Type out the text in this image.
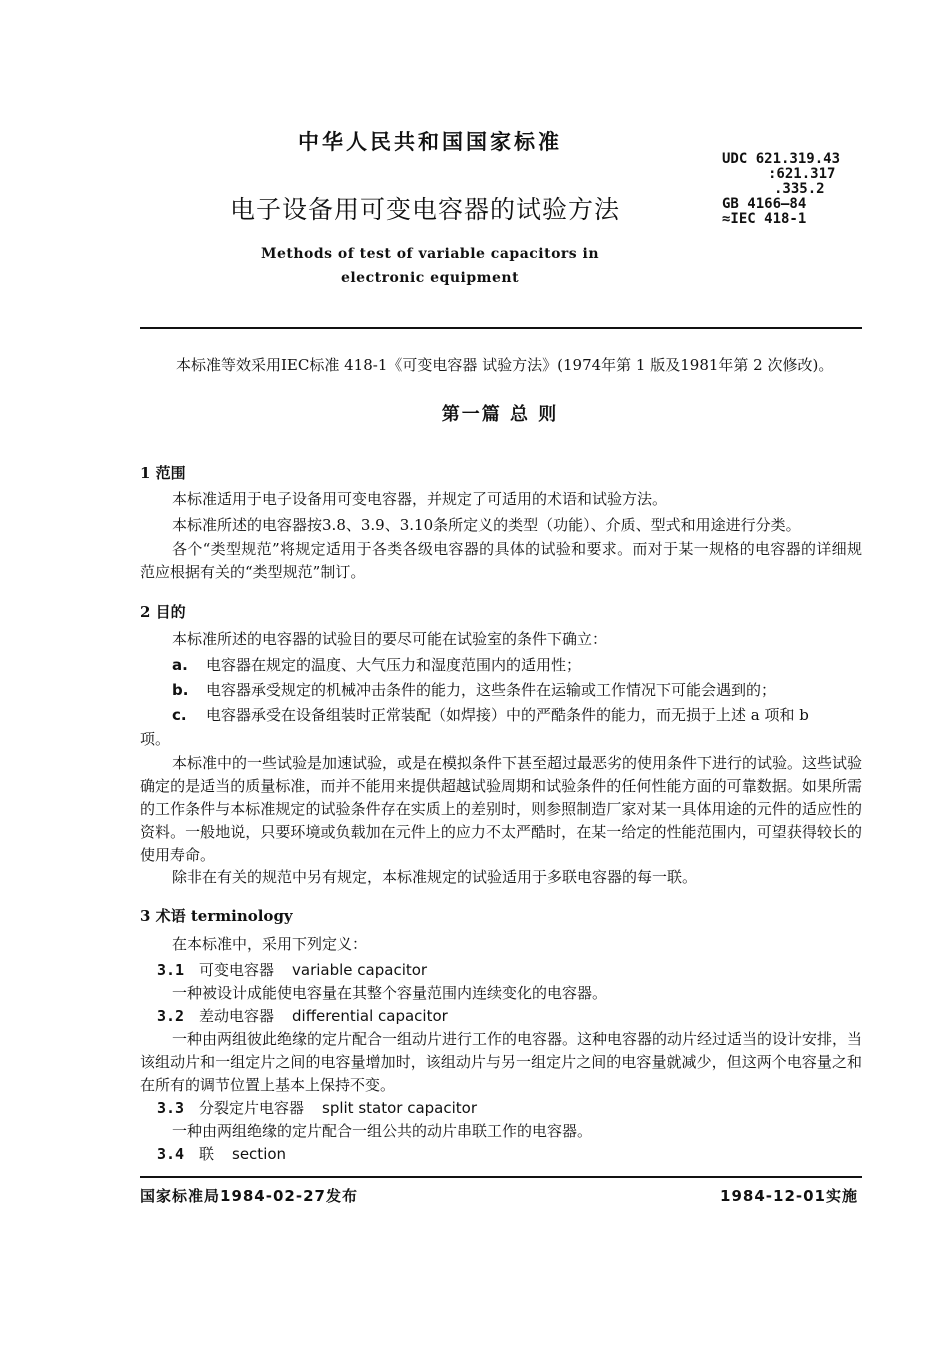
中华人民共和国国家标准
UDC 621.319.43
:621.317
.335.2
GB 4166—84
≈IEC 418-1
电子设备用可变电容器的试验方法
Methods of test of variable capacitors in
electronic equipment
本标准等效采用IEC标准 418-1《可变电容器 试验方法》(1974年第 1 版及1981年第 2 次修改)。
第一篇 总 则
1 范围

本标准适用于电子设备用可变电容器，并规定了可适用的术语和试验方法。

本标准所述的电容器按3.8、3.9、3.10条所定义的类型（功能）、介质、型式和用途进行分类。

各个“类型规范”将规定适用于各类各级电容器的具体的试验和要求。而对于某一规格的电容器的详细规范应根据有关的“类型规范”制订。

2 目的

本标准所述的电容器的试验目的要尽可能在试验室的条件下确立：

a. 电容器在规定的温度、大气压力和湿度范围内的适用性；
b. 电容器承受规定的机械冲击条件的能力，这些条件在运输或工作情况下可能会遇到的；
c. 电容器承受在设备组装时正常装配（如焊接）中的严酷条件的能力，而无损于上述 a 项和 b
项。

本标准中的一些试验是加速试验，或是在模拟条件下甚至超过最恶劣的使用条件下进行的试验。这些试验确定的是适当的质量标准，而并不能用来提供超越试验周期和试验条件的任何性能方面的可靠数据。如果所需的工作条件与本标准规定的试验条件存在实质上的差别时，则参照制造厂家对某一具体用途的元件的适应性的资料。一般地说，只要环境或负载加在元件上的应力不太严酷时，在某一给定的性能范围内，可望获得较长的使用寿命。

除非在有关的规范中另有规定，本标准规定的试验适用于多联电容器的每一联。

3 术语 terminology

在本标准中，采用下列定义：

3.1 可变电容器 variable capacitor

一种被设计成能使电容量在其整个容量范围内连续变化的电容器。

3.2 差动电容器 differential capacitor

一种由两组彼此绝缘的定片配合一组动片进行工作的电容器。这种电容器的动片经过适当的设计安排，当该组动片和一组定片之间的电容量增加时，该组动片与另一组定片之间的电容量就减少，但这两个电容量之和在所有的调节位置上基本上保持不变。

3.3 分裂定片电容器 split stator capacitor

一种由两组绝缘的定片配合一组公共的动片串联工作的电容器。

3.4 联 section
国家标准局1984-02-27发布	1984-12-01实施
